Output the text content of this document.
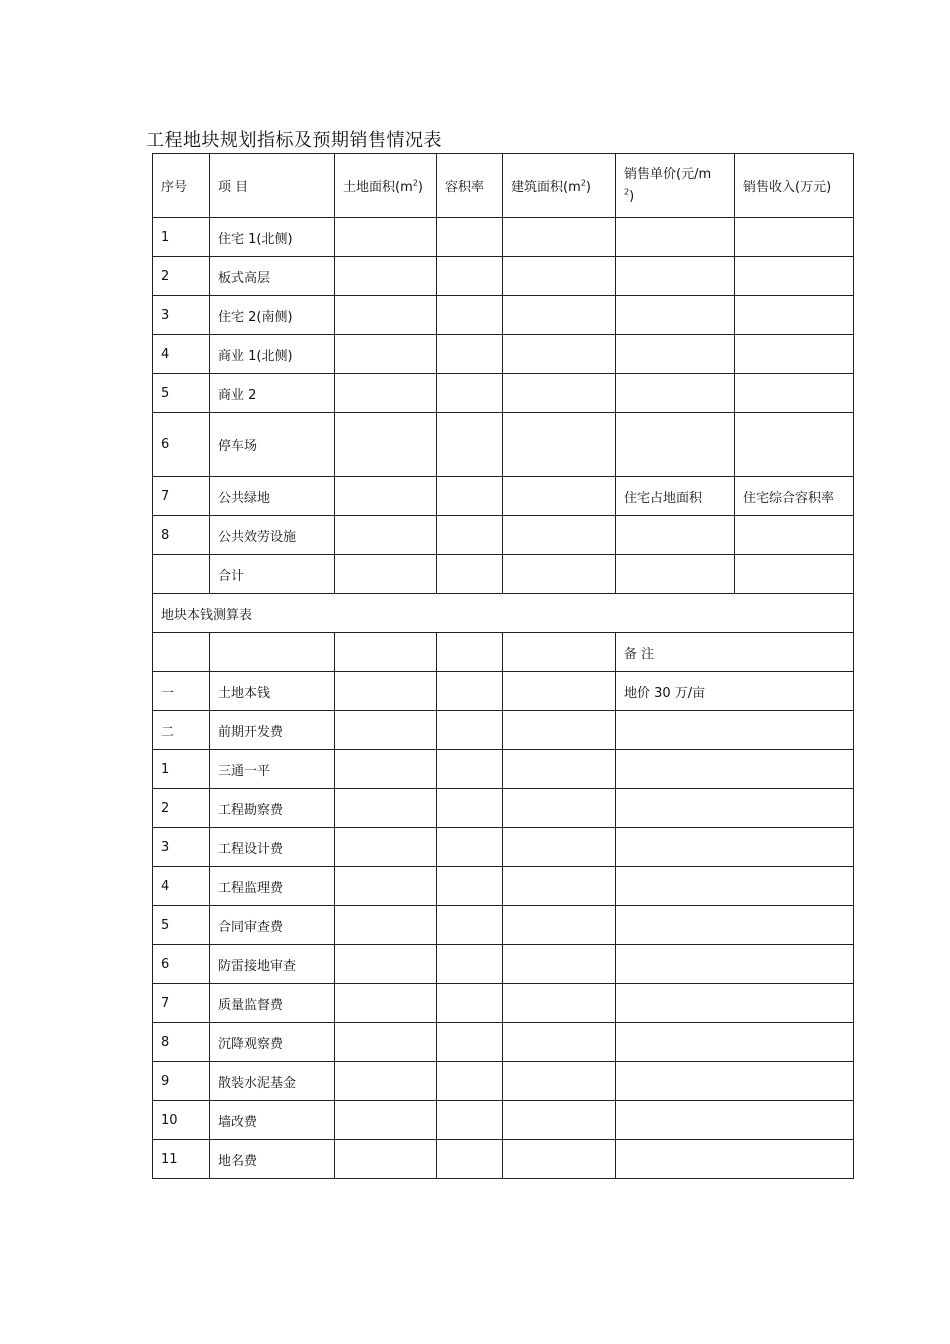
工程地块规划指标及预期销售情况表
序号	项 目	土地面积$(m^2)$	容积率	建筑面积$(m^2)$	销售单价(元/m
$^2$)	销售收入(万元)
1	住宅 1(北侧)					
2	板式高层					
3	住宅 2(南侧)					
4	商业 1(北侧)					
5	商业 2					
6	停车场					
7	公共绿地				住宅占地面积	住宅综合容积率
8	公共效劳设施					
	合计					
地块本钱测算表						
					备 注	
一	土地本钱				地价 30 万/亩	
二	前期开发费					
1	三通一平					
2	工程勘察费					
3	工程设计费					
4	工程监理费					
5	合同审查费					
6	防雷接地审查					
7	质量监督费					
8	沉降观察费					
9	散装水泥基金					
10	墙改费					
11	地名费					
